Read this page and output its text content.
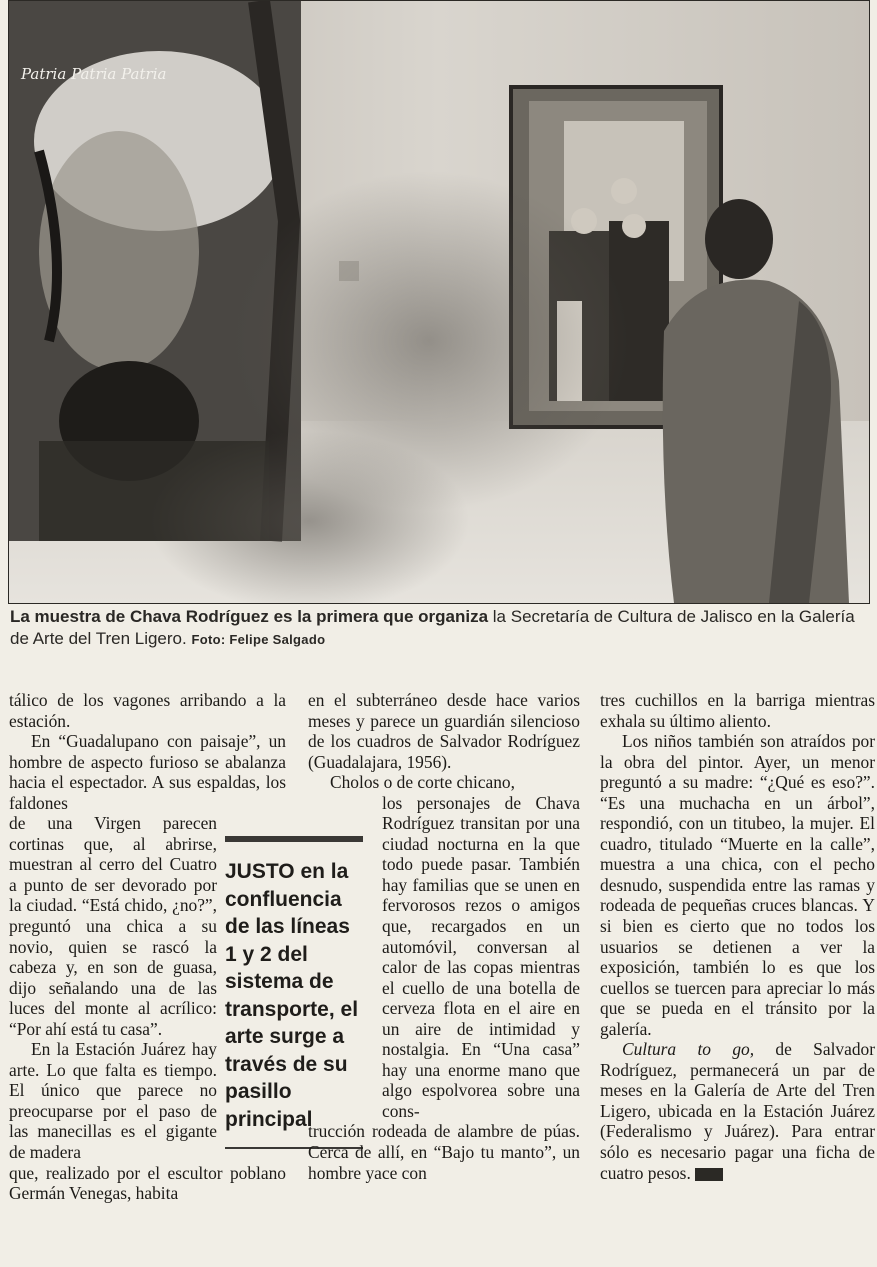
Patria Patria Patria
La muestra de Chava Rodríguez es la primera que organiza la Secretaría de Cultura de Jalisco en la Galería de Arte del Tren Ligero. Foto: Felipe Salgado

tálico de los vagones arribando a la estación.

En “Guadalupano con paisaje”, un hombre de aspecto furioso se abalanza hacia el espectador. A sus espaldas, los faldones

de una Virgen parecen cortinas que, al abrirse, muestran al cerro del Cuatro a punto de ser devorado por la ciudad. “Está chido, ¿no?”, preguntó una chica a su novio, quien se rascó la cabeza y, en son de guasa, dijo señalando una de las luces del monte al acrílico: “Por ahí está tu casa”.

En la Estación Juárez hay arte. Lo que falta es tiempo. El único que parece no preocuparse por el paso de las manecillas es el gigante de madera

que, realizado por el escultor poblano Germán Venegas, habita

JUSTO en la confluencia de las líneas 1 y 2 del sistema de transporte, el arte surge a través de su pasillo principal

en el subterráneo desde hace varios meses y parece un guardián silencioso de los cuadros de Salvador Rodríguez (Guadalajara, 1956).

Cholos o de corte chicano,

los personajes de Chava Rodríguez transitan por una ciudad nocturna en la que todo puede pasar. También hay familias que se unen en fervorosos rezos o amigos que, recargados en un automóvil, conversan al calor de las copas mientras el cuello de una botella de cerveza flota en el aire en un aire de intimidad y nostalgia. En “Una casa” hay una enorme mano que algo espolvorea sobre una cons-

trucción rodeada de alambre de púas. Cerca de allí, en “Bajo tu manto”, un hombre yace con

tres cuchillos en la barriga mientras exhala su último aliento.

Los niños también son atraídos por la obra del pintor. Ayer, un menor preguntó a su madre: “¿Qué es eso?”. “Es una muchacha en un árbol”, respondió, con un titubeo, la mujer. El cuadro, titulado “Muerte en la calle”, muestra a una chica, con el pecho desnudo, suspendida entre las ramas y rodeada de pequeñas cruces blancas. Y si bien es cierto que no todos los usuarios se detienen a ver la exposición, también lo es que los cuellos se tuercen para apreciar lo más que se pueda en el tránsito por la galería.

Cultura to go, de Salvador Rodríguez, permanecerá un par de meses en la Galería de Arte del Tren Ligero, ubicada en la Estación Juárez (Federalismo y Juárez). Para entrar sólo es necesario pagar una ficha de cuatro pesos.
